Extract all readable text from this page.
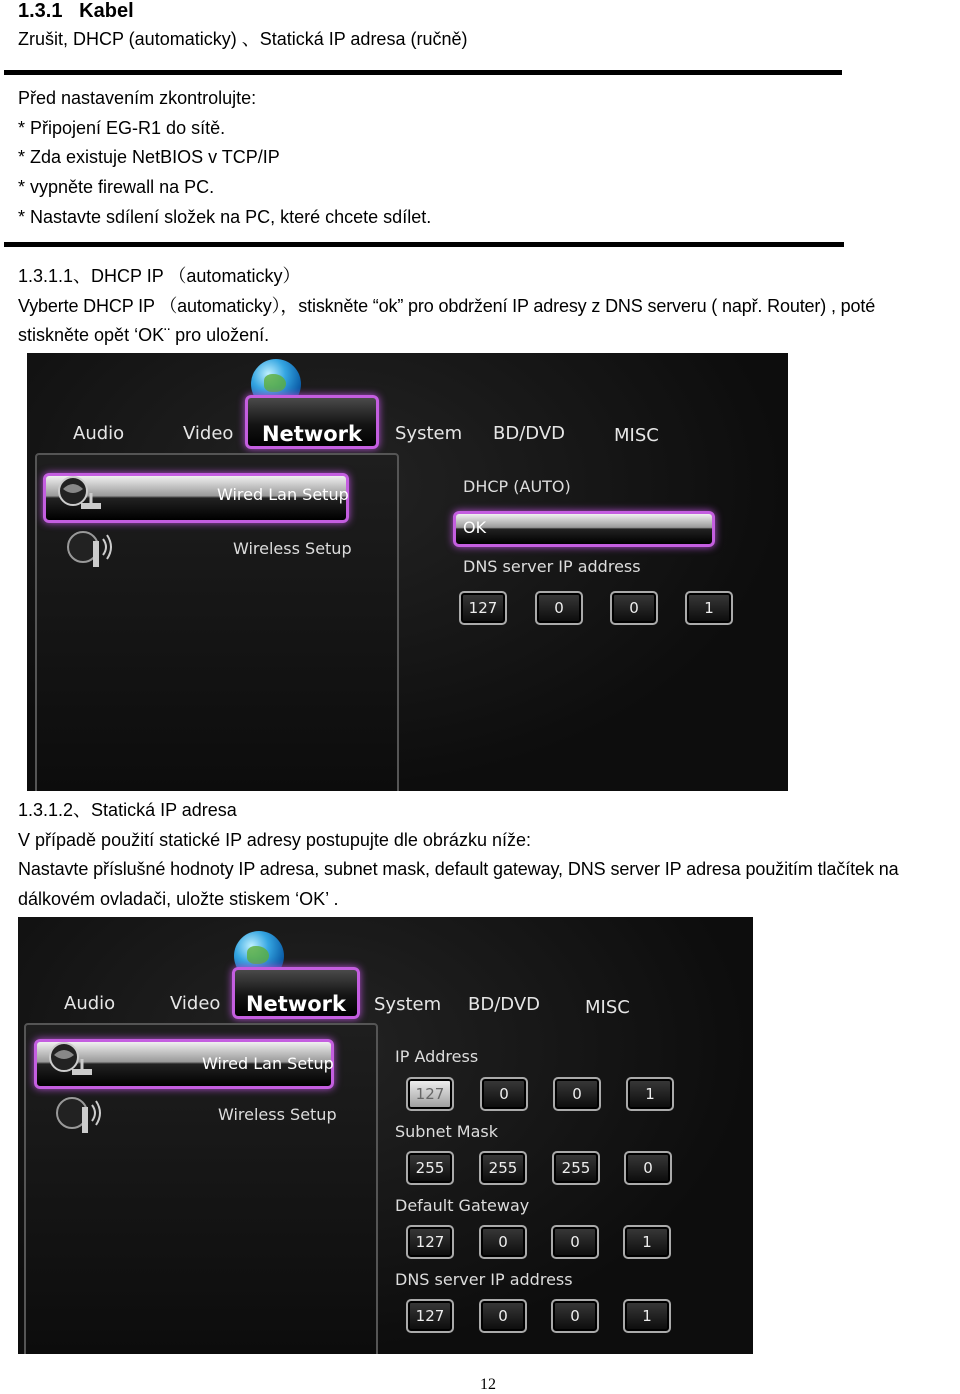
1.3.1 Kabel
Zrušit, DHCP (automaticky) 、Statická IP adresa (ručně)
Před nastavením zkontrolujte:
* Připojení EG-R1 do sítě.
* Zda existuje NetBIOS v TCP/IP
* vypněte firewall na PC.
* Nastavte sdílení složek na PC, které chcete sdílet.
1.3.1.1、DHCP IP （automaticky）
Vyberte DHCP IP （automaticky），stiskněte “ok” pro obdržení IP adresy z DNS serveru ( např. Router) , poté
stiskněte opět ‘OK¨ pro uložení.
Audio	Video	Network	System BD/DVD	MISC
Wired Lan Setup
Wireless Setup
DHCP (AUTO)
OK
DNS server IP address
127	0	0	1
1.3.1.2、Statická IP adresa
V případě použití statické IP adresy postupujte dle obrázku níže:
Nastavte příslušné hodnoty IP adresa, subnet mask, default gateway, DNS server IP adresa použitím tlačítek na
dálkovém ovladači, uložte stiskem ‘OK’ .
Audio	Video	Network	System BD/DVD	MISC
Wired Lan Setup
Wireless Setup
IP Address
127	0	0	1
Subnet Mask
255	255	255	0
Default Gateway
127	0	0	1
DNS server IP address
127	0	0	1
12
